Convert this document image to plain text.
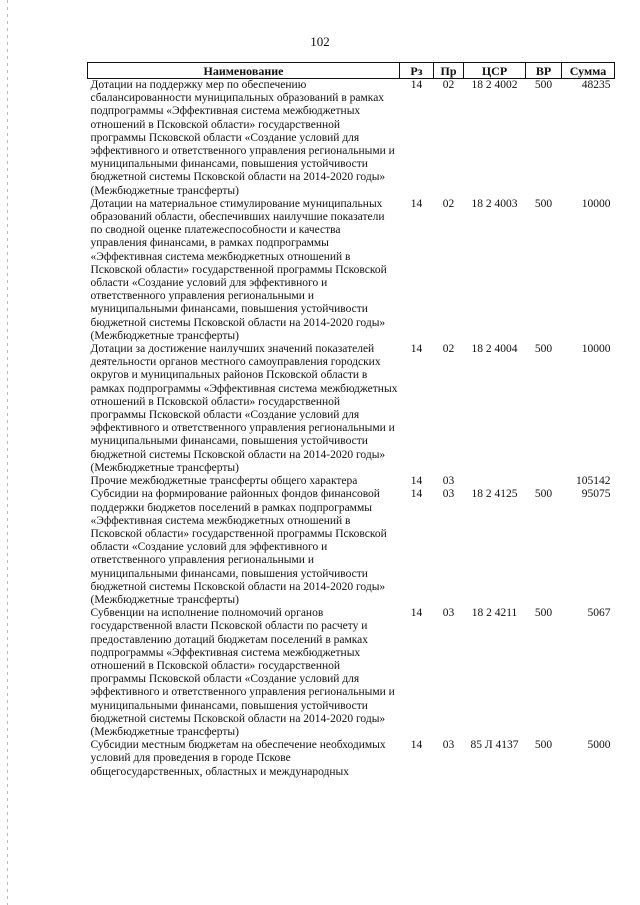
102
Наименование	Рз	Пр	ЦСР	ВР	Сумма
Дотации на поддержку мер по обеспечению сбалансированности муниципальных образований в рамках подпрограммы «Эффективная система межбюджетных отношений в Псковской области» государственной программы Псковской области «Создание условий для эффективного и ответственного управления региональными и муниципальными финансами, повышения устойчивости бюджетной системы Псковской области на 2014-2020 годы» (Межбюджетные трансферты)	14	02	18 2 4002	500	48235
Дотации на материальное стимулирование муниципальных образований области, обеспечивших наилучшие показатели по сводной оценке платежеспособности и качества управления финансами, в рамках подпрограммы «Эффективная система межбюджетных отношений в Псковской области» государственной программы Псковской области «Создание условий для эффективного и ответственного управления региональными и муниципальными финансами, повышения устойчивости бюджетной системы Псковской области на 2014-2020 годы» (Межбюджетные трансферты)	14	02	18 2 4003	500	10000
Дотации за достижение наилучших значений показателей деятельности органов местного самоуправления городских округов и муниципальных районов Псковской области в рамках подпрограммы «Эффективная система межбюджетных отношений в Псковской области» государственной программы Псковской области «Создание условий для эффективного и ответственного управления региональными и муниципальными финансами, повышения устойчивости бюджетной системы Псковской области на 2014-2020 годы» (Межбюджетные трансферты)	14	02	18 2 4004	500	10000
Прочие межбюджетные трансферты общего характера	14	03			105142
Субсидии на формирование районных фондов финансовой поддержки бюджетов поселений в рамках подпрограммы «Эффективная система межбюджетных отношений в Псковской области» государственной программы Псковской области «Создание условий для эффективного и ответственного управления региональными и муниципальными финансами, повышения устойчивости бюджетной системы Псковской области на 2014-2020 годы» (Межбюджетные трансферты)	14	03	18 2 4125	500	95075
Субвенции на исполнение полномочий органов государственной власти Псковской области по расчету и предоставлению дотаций бюджетам поселений в рамках подпрограммы «Эффективная система межбюджетных отношений в Псковской области» государственной программы Псковской области «Создание условий для эффективного и ответственного управления региональными и муниципальными финансами, повышения устойчивости бюджетной системы Псковской области на 2014-2020 годы» (Межбюджетные трансферты)	14	03	18 2 4211	500	5067
Субсидии местным бюджетам на обеспечение необходимых условий для проведения в городе Пскове общегосударственных, областных и международных	14	03	85 Л 4137	500	5000
